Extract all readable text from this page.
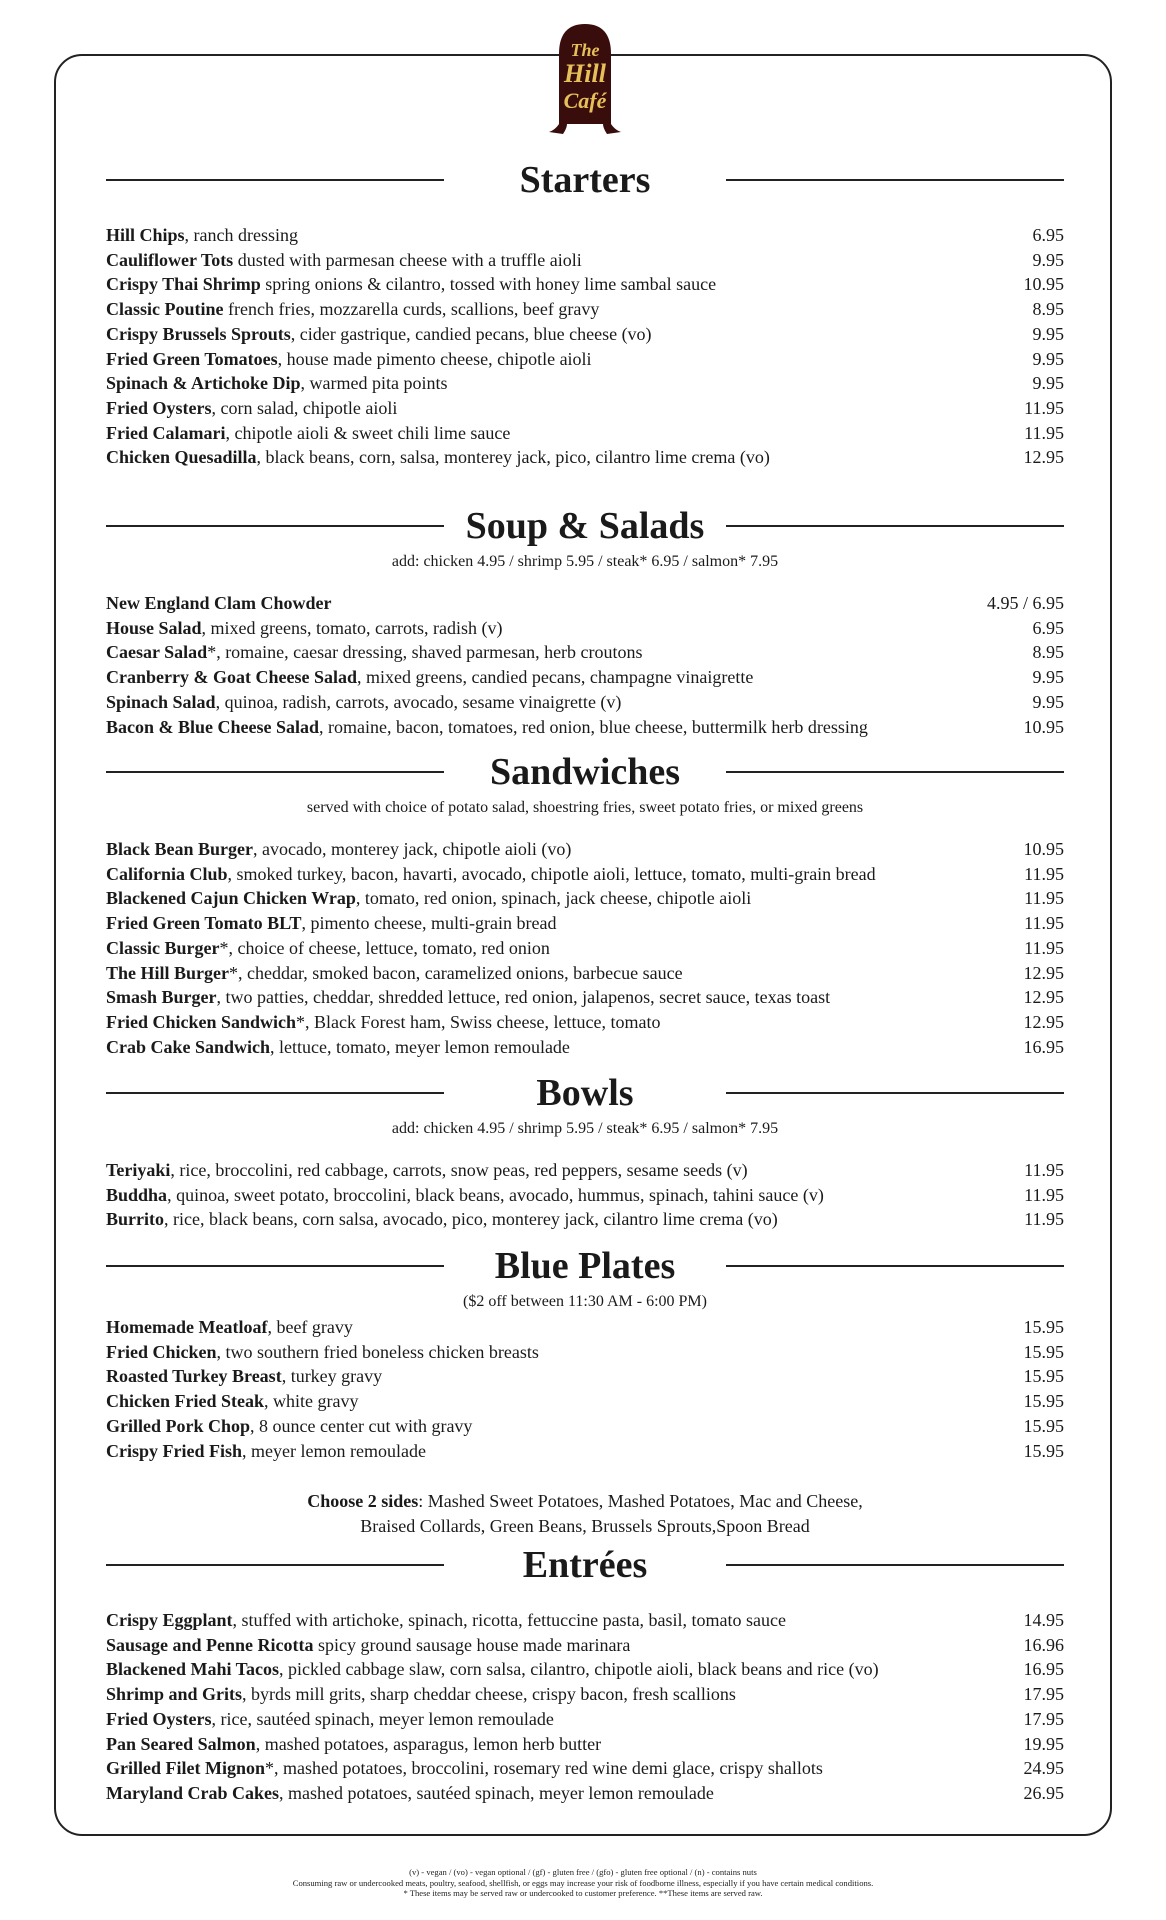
The
Hill
Café
Starters
Hill Chips, ranch dressing	6.95
Cauliflower Tots dusted with parmesan cheese with a truffle aioli	9.95
Crispy Thai Shrimp spring onions & cilantro, tossed with honey lime sambal sauce	10.95
Classic Poutine french fries, mozzarella curds, scallions, beef gravy	8.95
Crispy Brussels Sprouts, cider gastrique, candied pecans, blue cheese (vo)	9.95
Fried Green Tomatoes, house made pimento cheese, chipotle aioli	9.95
Spinach & Artichoke Dip, warmed pita points	9.95
Fried Oysters, corn salad, chipotle aioli	11.95
Fried Calamari, chipotle aioli & sweet chili lime sauce	11.95
Chicken Quesadilla, black beans, corn, salsa, monterey jack, pico, cilantro lime crema (vo)	12.95
Soup & Salads
add: chicken 4.95 / shrimp 5.95 / steak* 6.95 / salmon* 7.95
New England Clam Chowder	4.95 / 6.95
House Salad, mixed greens, tomato, carrots, radish (v)	6.95
Caesar Salad*, romaine, caesar dressing, shaved parmesan, herb croutons	8.95
Cranberry & Goat Cheese Salad, mixed greens, candied pecans, champagne vinaigrette	9.95
Spinach Salad, quinoa, radish, carrots, avocado, sesame vinaigrette (v)	9.95
Bacon & Blue Cheese Salad, romaine, bacon, tomatoes, red onion, blue cheese, buttermilk herb dressing	10.95
Sandwiches
served with choice of potato salad, shoestring fries, sweet potato fries, or mixed greens
Black Bean Burger, avocado, monterey jack, chipotle aioli (vo)	10.95
California Club, smoked turkey, bacon, havarti, avocado, chipotle aioli, lettuce, tomato, multi-grain bread	11.95
Blackened Cajun Chicken Wrap, tomato, red onion, spinach, jack cheese, chipotle aioli	11.95
Fried Green Tomato BLT, pimento cheese, multi-grain bread	11.95
Classic Burger*, choice of cheese, lettuce, tomato, red onion	11.95
The Hill Burger*, cheddar, smoked bacon, caramelized onions, barbecue sauce	12.95
Smash Burger, two patties, cheddar, shredded lettuce, red onion, jalapenos, secret sauce, texas toast	12.95
Fried Chicken Sandwich*, Black Forest ham, Swiss cheese, lettuce, tomato	12.95
Crab Cake Sandwich, lettuce, tomato, meyer lemon remoulade	16.95
Bowls
add: chicken 4.95 / shrimp 5.95 / steak* 6.95 / salmon* 7.95
Teriyaki, rice, broccolini, red cabbage, carrots, snow peas, red peppers, sesame seeds (v)	11.95
Buddha, quinoa, sweet potato, broccolini, black beans, avocado, hummus, spinach, tahini sauce (v)	11.95
Burrito, rice, black beans, corn salsa, avocado, pico, monterey jack, cilantro lime crema (vo)	11.95
Blue Plates
($2 off between 11:30 AM - 6:00 PM)
Homemade Meatloaf, beef gravy	15.95
Fried Chicken, two southern fried boneless chicken breasts	15.95
Roasted Turkey Breast, turkey gravy	15.95
Chicken Fried Steak, white gravy	15.95
Grilled Pork Chop, 8 ounce center cut with gravy	15.95
Crispy Fried Fish, meyer lemon remoulade	15.95
Choose 2 sides: Mashed Sweet Potatoes, Mashed Potatoes, Mac and Cheese,
Braised Collards, Green Beans, Brussels Sprouts,Spoon Bread
Entrées
Crispy Eggplant, stuffed with artichoke, spinach, ricotta, fettuccine pasta, basil, tomato sauce	14.95
Sausage and Penne Ricotta spicy ground sausage house made marinara	16.96
Blackened Mahi Tacos, pickled cabbage slaw, corn salsa, cilantro, chipotle aioli, black beans and rice (vo)	16.95
Shrimp and Grits, byrds mill grits, sharp cheddar cheese, crispy bacon, fresh scallions	17.95
Fried Oysters, rice, sautéed spinach, meyer lemon remoulade	17.95
Pan Seared Salmon, mashed potatoes, asparagus, lemon herb butter	19.95
Grilled Filet Mignon*, mashed potatoes, broccolini, rosemary red wine demi glace, crispy shallots	24.95
Maryland Crab Cakes, mashed potatoes, sautéed spinach, meyer lemon remoulade	26.95
(v) - vegan / (vo) - vegan optional / (gf) - gluten free / (gfo) - gluten free optional / (n) - contains nuts
Consuming raw or undercooked meats, poultry, seafood, shellfish, or eggs may increase your risk of foodborne illness, especially if you have certain medical conditions.
* These items may be served raw or undercooked to customer preference. **These items are served raw.
